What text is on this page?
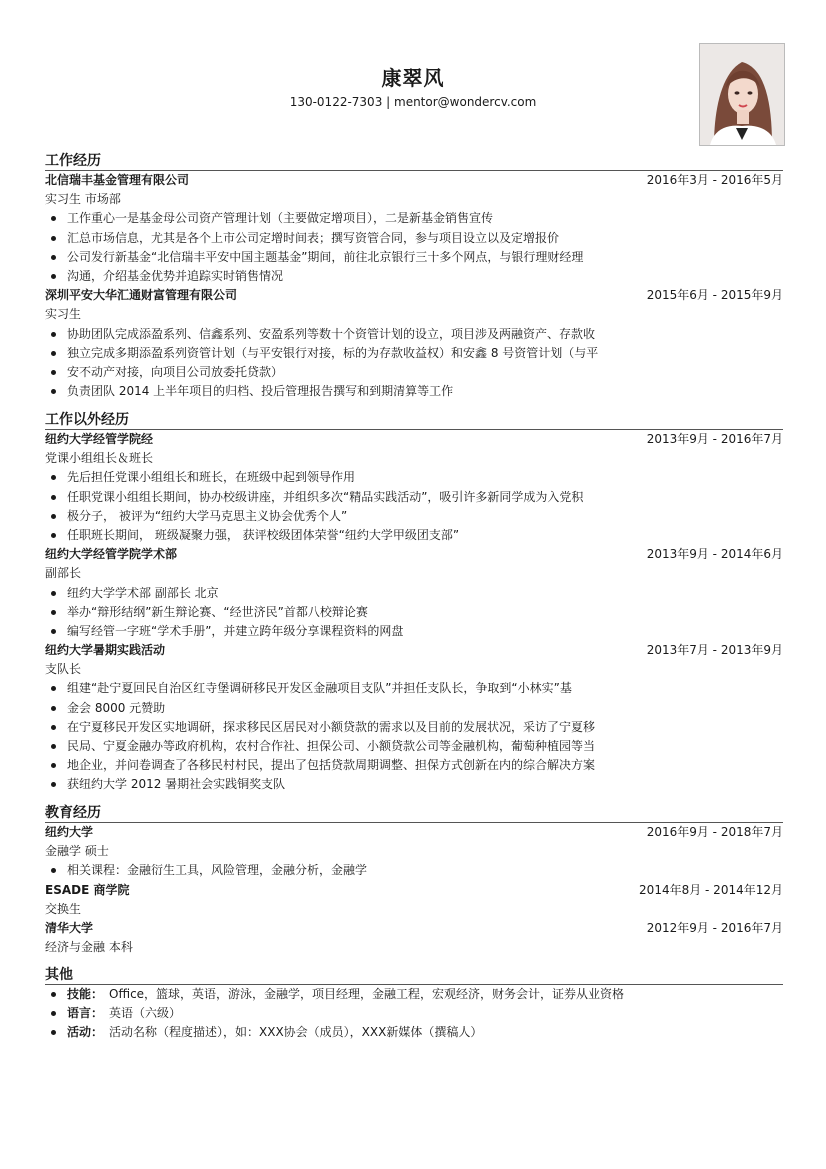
康翠风
130-0122-7303 | mentor@wondercv.com
工作经历
北信瑞丰基金管理有限公司	2016年3月 - 2016年5月
实习生 市场部
工作重心一是基金母公司资产管理计划（主要做定增项目），二是新基金销售宣传
汇总市场信息，尤其是各个上市公司定增时间表；撰写资管合同，参与项目设立以及定增报价
公司发行新基金“北信瑞丰平安中国主题基金”期间，前往北京银行三十多个网点，与银行理财经理
沟通，介绍基金优势并追踪实时销售情况
深圳平安大华汇通财富管理有限公司	2015年6月 - 2015年9月
实习生
协助团队完成添盈系列、信鑫系列、安盈系列等数十个资管计划的设立，项目涉及两融资产、存款收
独立完成多期添盈系列资管计划（与平安银行对接，标的为存款收益权）和安鑫 8 号资管计划（与平
安不动产对接，向项目公司放委托贷款）
负责团队 2014 上半年项目的归档、投后管理报告撰写和到期清算等工作
工作以外经历
纽约大学经管学院经	2013年9月 - 2016年7月
党课小组组长＆班长
先后担任党课小组组长和班长，在班级中起到领导作用
任职党课小组组长期间，协办校级讲座，并组织多次“精品实践活动”，吸引许多新同学成为入党积
极分子， 被评为“纽约大学马克思主义协会优秀个人”
任职班长期间， 班级凝聚力强， 获评校级团体荣誉“纽约大学甲级团支部”
纽约大学经管学院学术部	2013年9月 - 2014年6月
副部长
纽约大学学术部 副部长 北京
举办“辩形结纲”新生辩论赛、“经世济民”首都八校辩论赛
编写经管一字班“学术手册”，并建立跨年级分享课程资料的网盘
纽约大学暑期实践活动	2013年7月 - 2013年9月
支队长
组建“赴宁夏回民自治区红寺堡调研移民开发区金融项目支队”并担任支队长，争取到“小林实”基
金会 8000 元赞助
在宁夏移民开发区实地调研，探求移民区居民对小额贷款的需求以及目前的发展状况，采访了宁夏移
民局、宁夏金融办等政府机构，农村合作社、担保公司、小额贷款公司等金融机构，葡萄种植园等当
地企业，并问卷调查了各移民村村民，提出了包括贷款周期调整、担保方式创新在内的综合解决方案
获纽约大学 2012 暑期社会实践铜奖支队
教育经历
纽约大学	2016年9月 - 2018年7月
金融学 硕士
相关课程：金融衍生工具，风险管理，金融分析，金融学
ESADE 商学院	2014年8月 - 2014年12月
交换生
清华大学	2012年9月 - 2016年7月
经济与金融 本科
其他
技能： Office，篮球，英语，游泳，金融学，项目经理，金融工程，宏观经济，财务会计，证券从业资格
语言： 英语（六级）
活动： 活动名称（程度描述），如：XXX协会（成员），XXX新媒体（撰稿人）
